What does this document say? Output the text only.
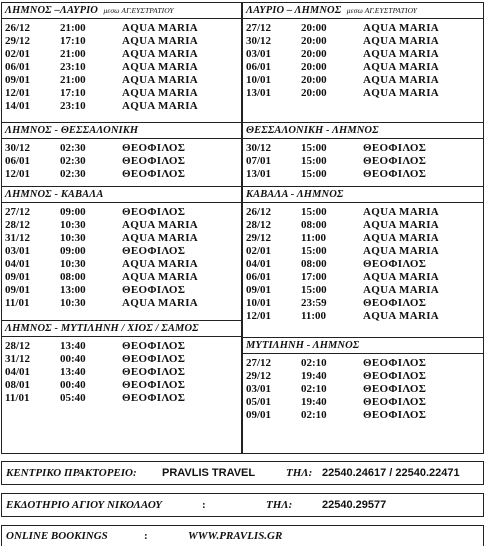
ΛΗΜΝΟΣ –ΛΑΥΡΙΟ μεσω ΑΓ.ΕΥΣΤΡΑΤΙΟΥ
26/12	21:00	AQUA MARIA
29/12	17:10	AQUA MARIA
02/01	21:00	AQUA MARIA
06/01	23:10	AQUA MARIA
09/01	21:00	AQUA MARIA
12/01	17:10	AQUA MARIA
14/01	23:10	AQUA MARIA
ΛΗΜΝΟΣ - ΘΕΣΣΑΛΟΝΙΚΗ
30/12	02:30	ΘΕΟΦΙΛΟΣ
06/01	02:30	ΘΕΟΦΙΛΟΣ
12/01	02:30	ΘΕΟΦΙΛΟΣ
ΛΗΜΝΟΣ - ΚΑΒΑΛΑ
27/12	09:00	ΘΕΟΦΙΛΟΣ
28/12	10:30	AQUA MARIA
31/12	10:30	AQUA MARIA
03/01	09:00	ΘΕΟΦΙΛΟΣ
04/01	10:30	AQUA MARIA
09/01	08:00	AQUA MARIA
09/01	13:00	ΘΕΟΦΙΛΟΣ
11/01	10:30	AQUA MARIA
ΛΗΜΝΟΣ - ΜΥΤΙΛΗΝΗ / ΧΙΟΣ / ΣΑΜΟΣ
28/12	13:40	ΘΕΟΦΙΛΟΣ
31/12	00:40	ΘΕΟΦΙΛΟΣ
04/01	13:40	ΘΕΟΦΙΛΟΣ
08/01	00:40	ΘΕΟΦΙΛΟΣ
11/01	05:40	ΘΕΟΦΙΛΟΣ
ΛΑΥΡΙΟ – ΛΗΜΝΟΣ μεσω ΑΓ.ΕΥΣΤΡΑΤΙΟΥ
27/12	20:00	AQUA MARIA
30/12	20:00	AQUA MARIA
03/01	20:00	AQUA MARIA
06/01	20:00	AQUA MARIA
10/01	20:00	AQUA MARIA
13/01	20:00	AQUA MARIA
ΘΕΣΣΑΛΟΝΙΚΗ - ΛΗΜΝΟΣ
30/12	15:00	ΘΕΟΦΙΛΟΣ
07/01	15:00	ΘΕΟΦΙΛΟΣ
13/01	15:00	ΘΕΟΦΙΛΟΣ
ΚΑΒΑΛΑ - ΛΗΜΝΟΣ
26/12	15:00	AQUA MARIA
28/12	08:00	AQUA MARIA
29/12	11:00	AQUA MARIA
02/01	15:00	AQUA MARIA
04/01	08:00	ΘΕΟΦΙΛΟΣ
06/01	17:00	AQUA MARIA
09/01	15:00	AQUA MARIA
10/01	23:59	ΘΕΟΦΙΛΟΣ
12/01	11:00	AQUA MARIA
ΜΥΤΙΛΗΝΗ - ΛΗΜΝΟΣ
27/12	02:10	ΘΕΟΦΙΛΟΣ
29/12	19:40	ΘΕΟΦΙΛΟΣ
03/01	02:10	ΘΕΟΦΙΛΟΣ
05/01	19:40	ΘΕΟΦΙΛΟΣ
09/01	02:10	ΘΕΟΦΙΛΟΣ
ΚΕΝΤΡΙΚΟ ΠΡΑΚΤΟΡΕΙΟ: PRAVLIS TRAVEL	ΤΗΛ: 22540.24617 / 22540.22471
ΕΚΔΟΤΗΡΙΟ ΑΓΙΟΥ ΝΙΚΟΛΑΟΥ	:	ΤΗΛ:	22540.29577
ONLINE BOOKINGS	:	WWW.PRAVLIS.GR
